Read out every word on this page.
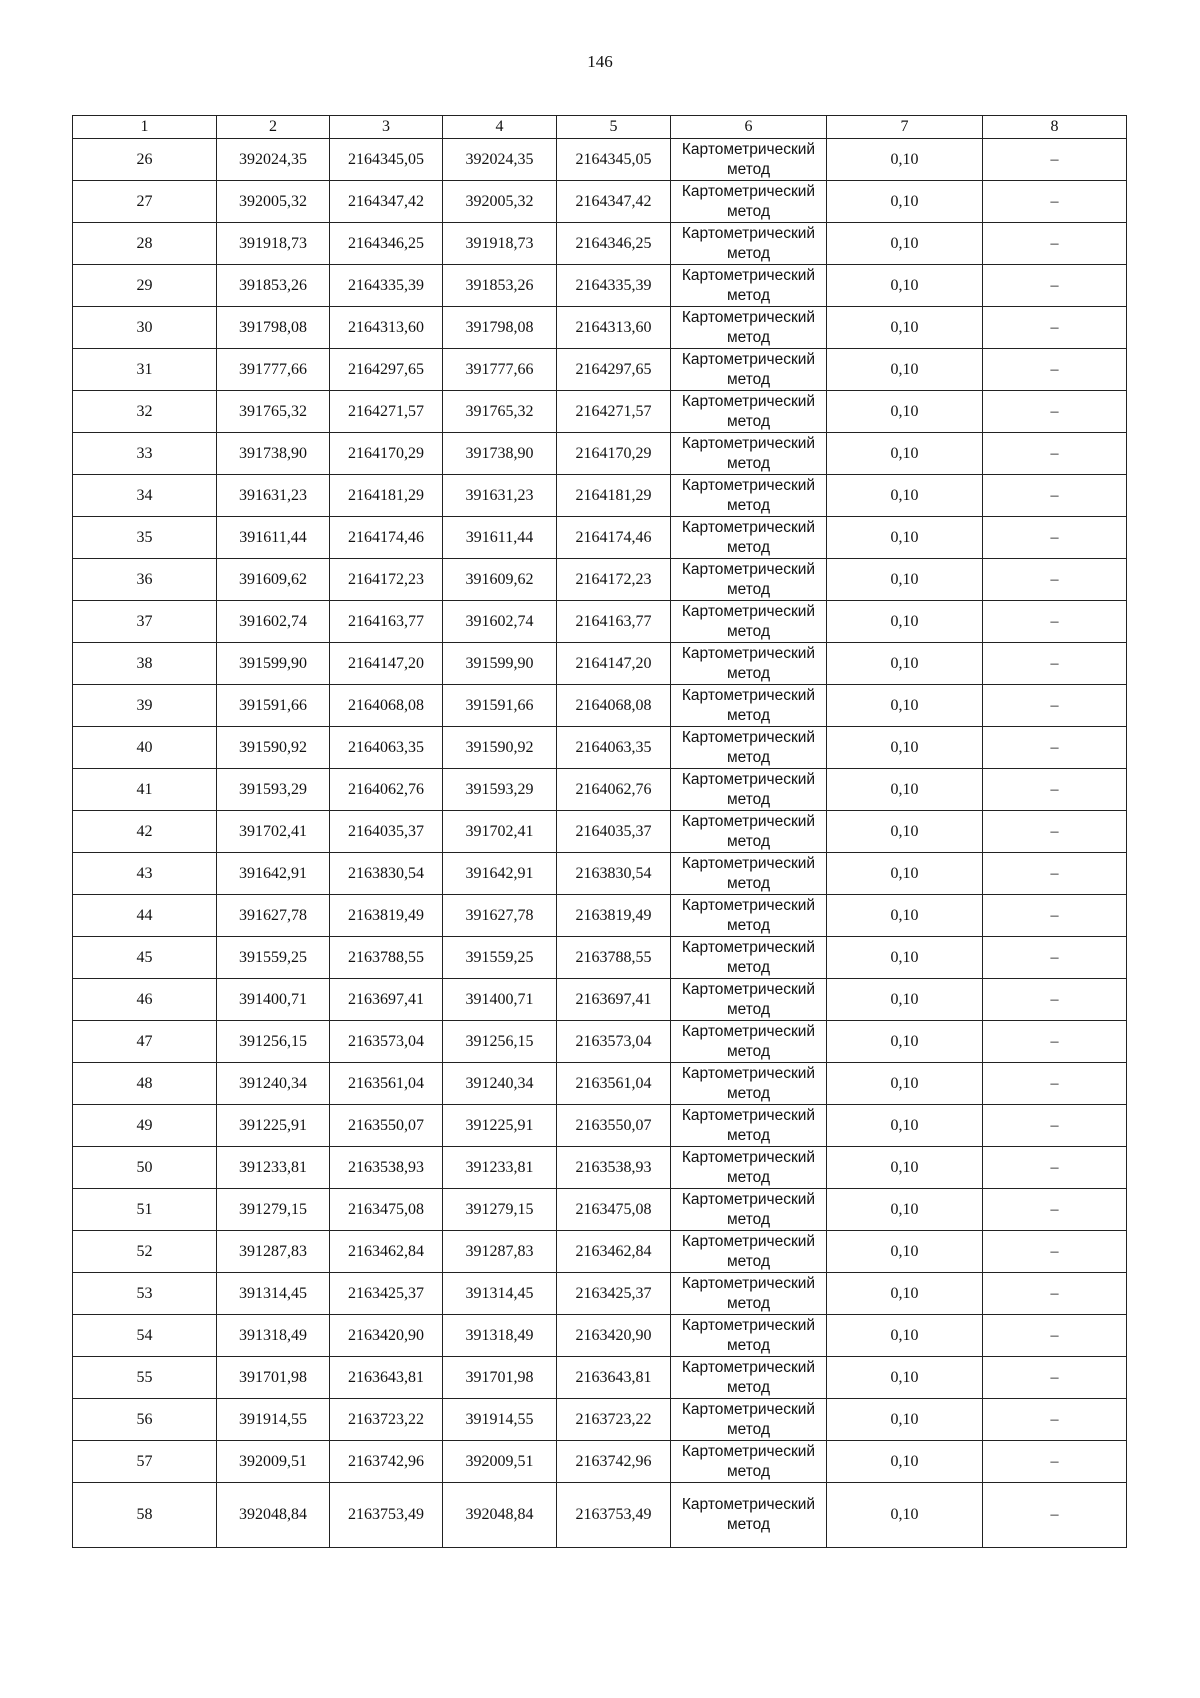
146
1	2	3	4	5	6	7	8
26	392024,35	2164345,05	392024,35	2164345,05	Картометрический метод	0,10	–
27	392005,32	2164347,42	392005,32	2164347,42	Картометрический метод	0,10	–
28	391918,73	2164346,25	391918,73	2164346,25	Картометрический метод	0,10	–
29	391853,26	2164335,39	391853,26	2164335,39	Картометрический метод	0,10	–
30	391798,08	2164313,60	391798,08	2164313,60	Картометрический метод	0,10	–
31	391777,66	2164297,65	391777,66	2164297,65	Картометрический метод	0,10	–
32	391765,32	2164271,57	391765,32	2164271,57	Картометрический метод	0,10	–
33	391738,90	2164170,29	391738,90	2164170,29	Картометрический метод	0,10	–
34	391631,23	2164181,29	391631,23	2164181,29	Картометрический метод	0,10	–
35	391611,44	2164174,46	391611,44	2164174,46	Картометрический метод	0,10	–
36	391609,62	2164172,23	391609,62	2164172,23	Картометрический метод	0,10	–
37	391602,74	2164163,77	391602,74	2164163,77	Картометрический метод	0,10	–
38	391599,90	2164147,20	391599,90	2164147,20	Картометрический метод	0,10	–
39	391591,66	2164068,08	391591,66	2164068,08	Картометрический метод	0,10	–
40	391590,92	2164063,35	391590,92	2164063,35	Картометрический метод	0,10	–
41	391593,29	2164062,76	391593,29	2164062,76	Картометрический метод	0,10	–
42	391702,41	2164035,37	391702,41	2164035,37	Картометрический метод	0,10	–
43	391642,91	2163830,54	391642,91	2163830,54	Картометрический метод	0,10	–
44	391627,78	2163819,49	391627,78	2163819,49	Картометрический метод	0,10	–
45	391559,25	2163788,55	391559,25	2163788,55	Картометрический метод	0,10	–
46	391400,71	2163697,41	391400,71	2163697,41	Картометрический метод	0,10	–
47	391256,15	2163573,04	391256,15	2163573,04	Картометрический метод	0,10	–
48	391240,34	2163561,04	391240,34	2163561,04	Картометрический метод	0,10	–
49	391225,91	2163550,07	391225,91	2163550,07	Картометрический метод	0,10	–
50	391233,81	2163538,93	391233,81	2163538,93	Картометрический метод	0,10	–
51	391279,15	2163475,08	391279,15	2163475,08	Картометрический метод	0,10	–
52	391287,83	2163462,84	391287,83	2163462,84	Картометрический метод	0,10	–
53	391314,45	2163425,37	391314,45	2163425,37	Картометрический метод	0,10	–
54	391318,49	2163420,90	391318,49	2163420,90	Картометрический метод	0,10	–
55	391701,98	2163643,81	391701,98	2163643,81	Картометрический метод	0,10	–
56	391914,55	2163723,22	391914,55	2163723,22	Картометрический метод	0,10	–
57	392009,51	2163742,96	392009,51	2163742,96	Картометрический метод	0,10	–
58	392048,84	2163753,49	392048,84	2163753,49	Картометрический метод	0,10	–
